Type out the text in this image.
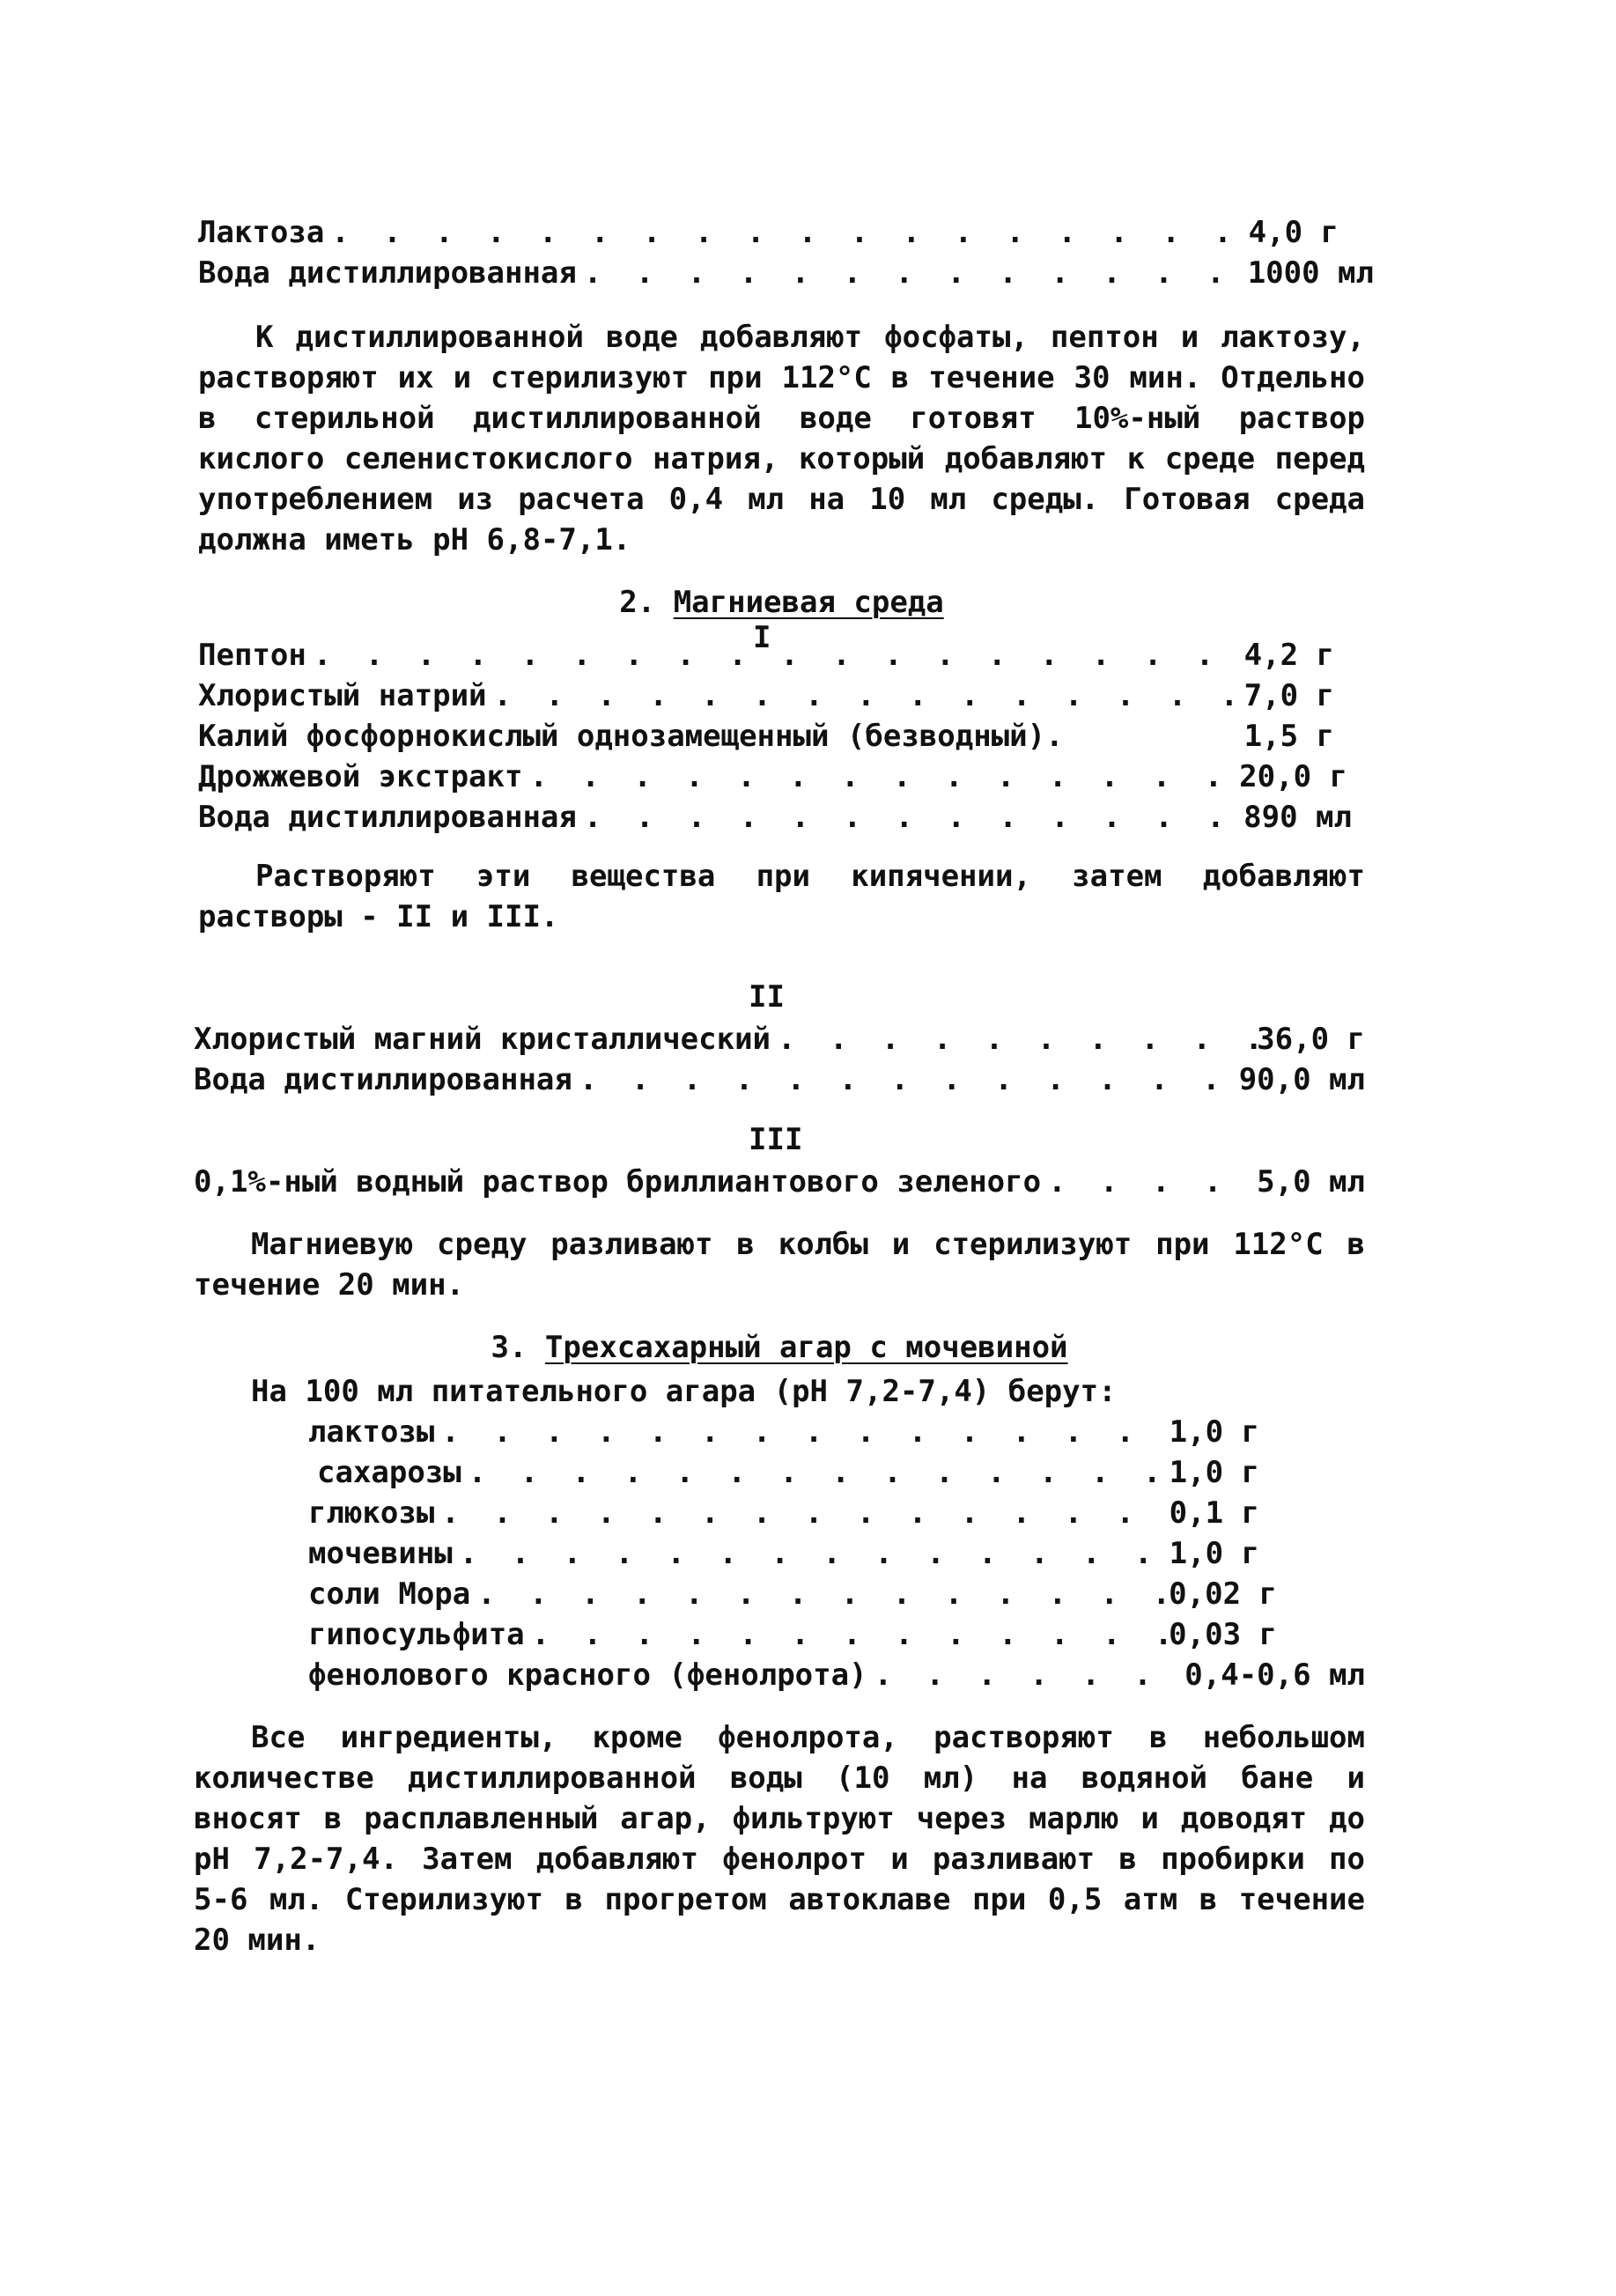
Лактоза . . .	4,0 г
Вода дистиллированная . . .	1000 мл

К дистиллированной воде добавляют фосфаты, пептон и лактозу, растворяют их и стерилизуют при 112°С в течение 30 мин. Отдельно в стерильной дистиллированной воде готовят 10%-ный раствор кислого селенистокислого натрия, который добавляют к среде перед употреблением из расчета 0,4 мл на 10 мл среды. Готовая среда должна иметь рН 6,8-7,1.

2. Магниевая среда
I
Пептон . . .	4,2 г
Хлористый натрий . . .	7,0 г
Калий фосфорнокислый однозамещенный (безводный).	1,5 г
Дрожжевой экстракт . . .	20,0 г
Вода дистиллированная . . .	890 мл

Растворяют эти вещества при кипячении, затем добавляют растворы - II и III.

II
Хлористый магний кристаллический . . .	36,0 г
Вода дистиллированная . . .	90,0 мл
III
0,1%-ный водный раствор бриллиантового зеленого . . .	5,0 мл

Магниевую среду разливают в колбы и стерилизуют при 112°С в течение 20 мин.

3. Трехсахарный агар с мочевиной
На 100 мл питательного агара (рН 7,2-7,4) берут:
лактозы . . .	1,0 г
сахарозы . . .	1,0 г
глюкозы . . .	0,1 г
мочевины . . .	1,0 г
соли Мора . . .	0,02 г
гипосульфита . . .	0,03 г
фенолового красного (фенолрота) . . .	0,4-0,6 мл

Все ингредиенты, кроме фенолрота, растворяют в небольшом количестве дистиллированной воды (10 мл) на водяной бане и вносят в расплавленный агар, фильтруют через марлю и доводят до рН 7,2-7,4. Затем добавляют фенолрот и разливают в пробирки по 5-6 мл. Стерилизуют в прогретом автоклаве при 0,5 атм в течение 20 мин.
